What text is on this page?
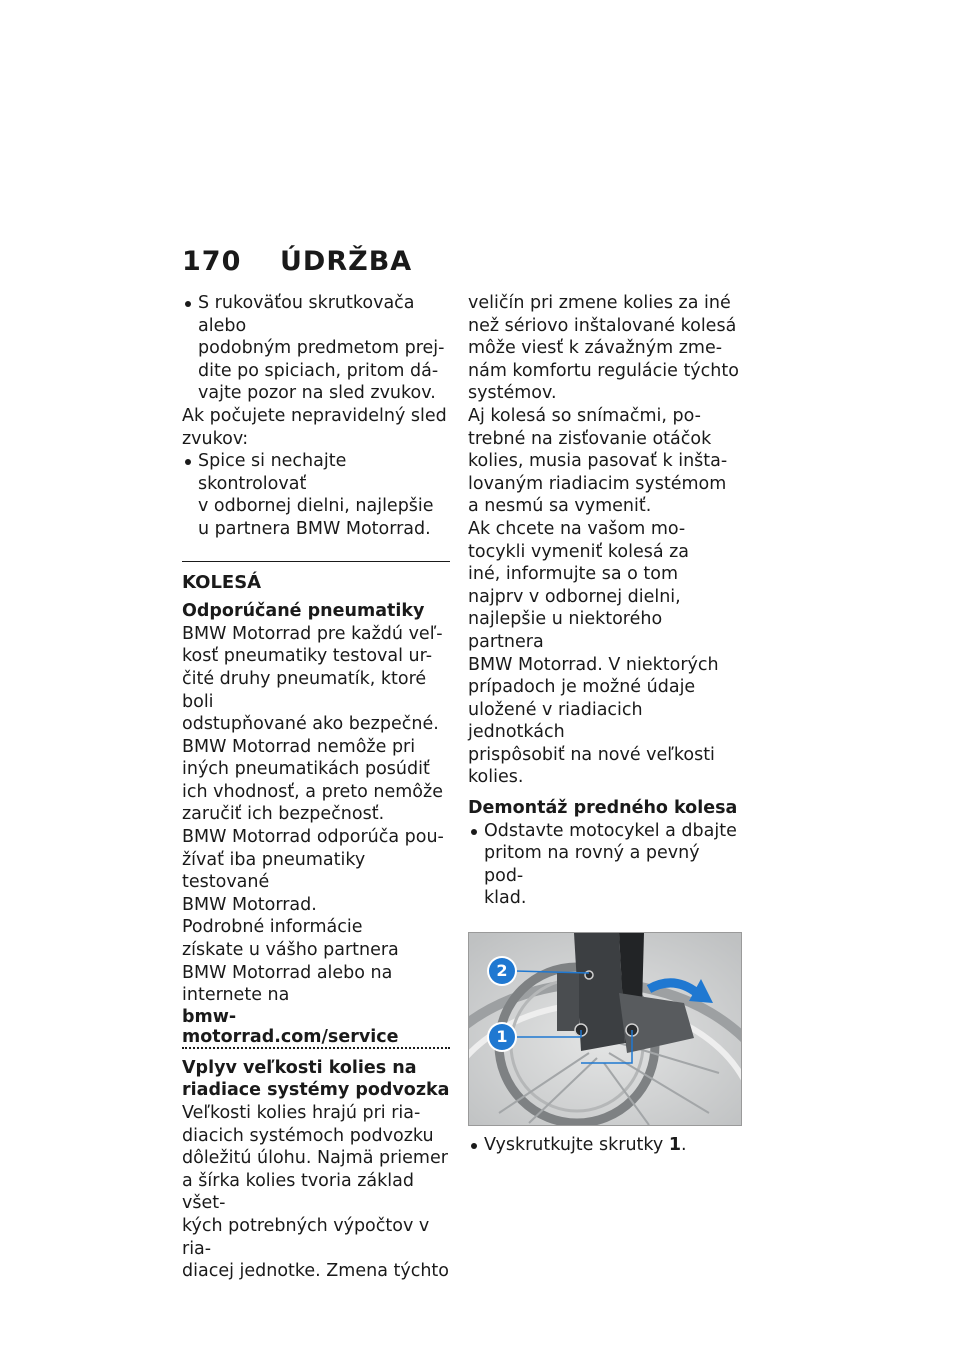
170 ÚDRŽBA

S rukoväťou skrutkovača alebo
podobným predmetom prej-
dite po spiciach, pritom dá-
vajte pozor na sled zvukov.

Ak počujete nepravidelný sled
zvukov:

Spice si nechajte skontrolovať
v odbornej dielni, najlepšie
u partnera BMW Motorrad.

KOLESÁ

Odporúčané pneumatiky

BMW Motorrad pre každú veľ-
kosť pneumatiky testoval ur-
čité druhy pneumatík, ktoré boli
odstupňované ako bezpečné.

BMW Motorrad nemôže pri
iných pneumatikách posúdiť
ich vhodnosť, a preto nemôže
zaručiť ich bezpečnosť.

BMW Motorrad odporúča pou-
žívať iba pneumatiky testované
BMW Motorrad.

Podrobné informácie
získate u vášho partnera
BMW Motorrad alebo na
internete na

bmw-motorrad.com/service

Vplyv veľkosti kolies na
riadiace systémy podvozka

Veľkosti kolies hrajú pri ria-
diacich systémoch podvozku
dôležitú úlohu. Najmä priemer
a šírka kolies tvoria základ všet-
kých potrebných výpočtov v ria-
diacej jednotke. Zmena týchto

veličín pri zmene kolies za iné
než sériovo inštalované kolesá
môže viesť k závažným zme-
nám komfortu regulácie týchto
systémov.

Aj kolesá so snímačmi, po-
trebné na zisťovanie otáčok
kolies, musia pasovať k inšta-
lovaným riadiacim systémom
a nesmú sa vymeniť.

Ak chcete na vašom mo-
tocykli vymeniť kolesá za
iné, informujte sa o tom
najprv v odbornej dielni,
najlepšie u niektorého partnera
BMW Motorrad. V niektorých
prípadoch je možné údaje
uložené v riadiacich jednotkách
prispôsobiť na nové veľkosti
kolies.

Demontáž predného kolesa

Odstavte motocykel a dbajte
pritom na rovný a pevný pod-
klad.

2
1

Vyskrutkujte skrutky 1.
